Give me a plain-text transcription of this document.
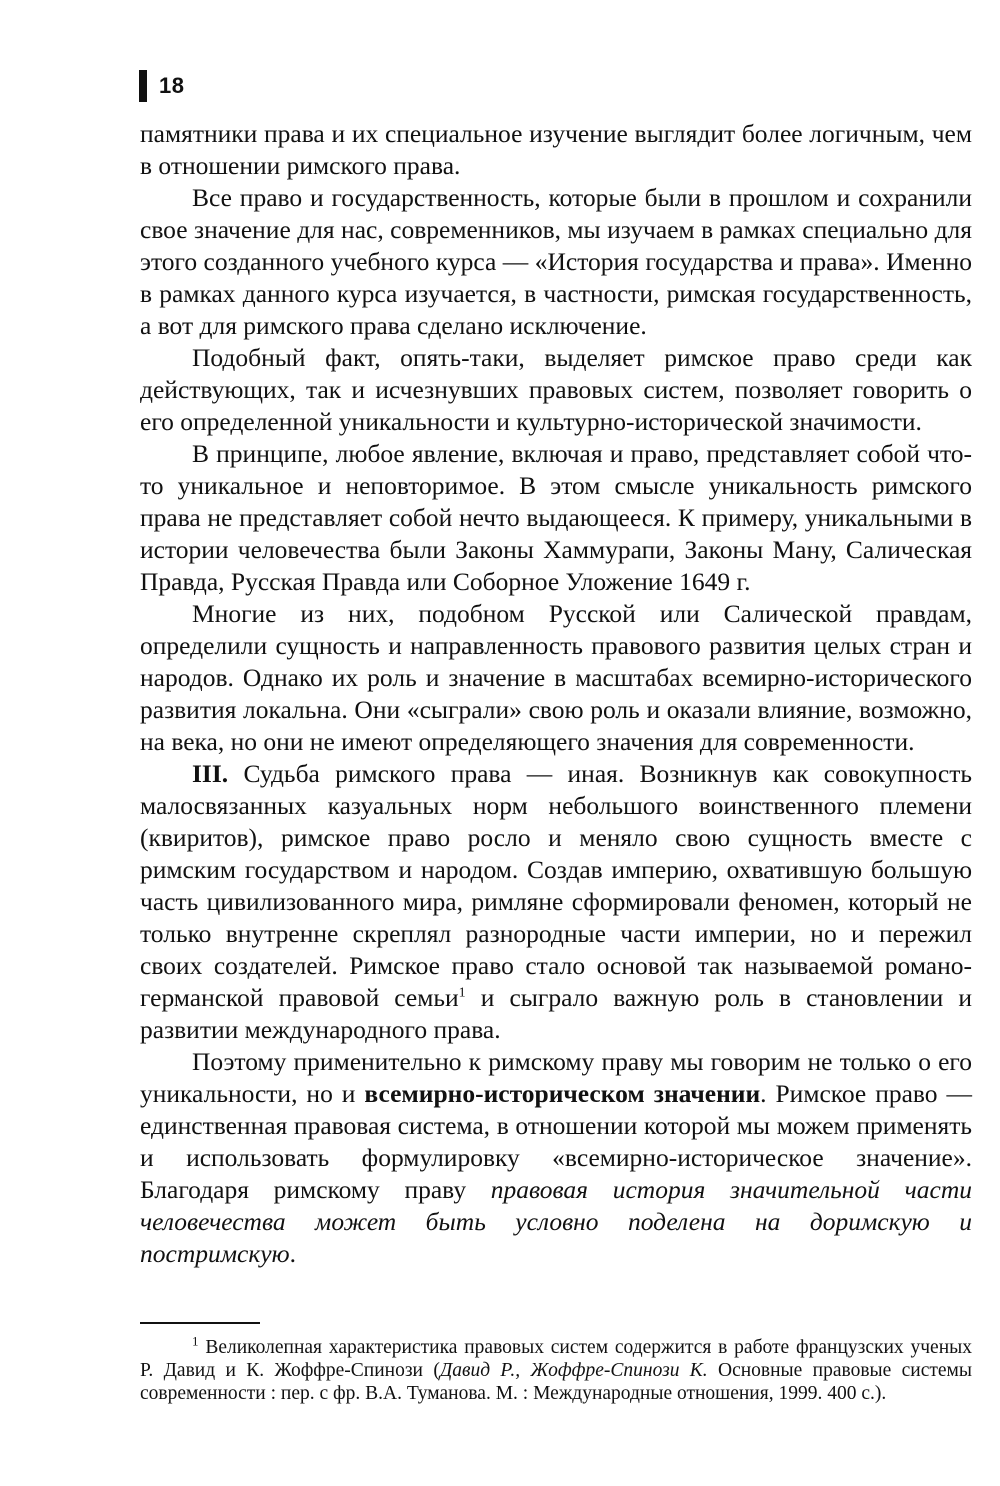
18

памятники права и их специальное изучение выглядит более логичным, чем в отношении римского права.

Все право и государственность, которые были в прошлом и сохранили свое значение для нас, современников, мы изучаем в рамках специально для этого созданного учебного курса — «История государства и права». Именно в рамках данного курса изучается, в частности, римская государственность, а вот для римского права сделано исключение.

Подобный факт, опять-таки, выделяет римское право среди как действующих, так и исчезнувших правовых систем, позволяет говорить о его определенной уникальности и культурно-исторической значимости.

В принципе, любое явление, включая и право, представляет собой что-то уникальное и неповторимое. В этом смысле уникальность римского права не представляет собой нечто выдающееся. К примеру, уникальными в истории человечества были Законы Хаммурапи, Законы Ману, Салическая Правда, Русская Правда или Соборное Уложение 1649 г.

Многие из них, подобном Русской или Салической правдам, определили сущность и направленность правового развития целых стран и народов. Однако их роль и значение в масштабах всемирно-исторического развития локальна. Они «сыграли» свою роль и оказали влияние, возможно, на века, но они не имеют определяющего значения для современности.

III. Судьба римского права — иная. Возникнув как совокупность малосвязанных казуальных норм небольшого воинственного племени (квиритов), римское право росло и меняло свою сущность вместе с римским государством и народом. Создав империю, охватившую большую часть цивилизованного мира, римляне сформировали феномен, который не только внутренне скреплял разнородные части империи, но и пережил своих создателей. Римское право стало основой так называемой романо-германской правовой семьи$^1$ и сыграло важную роль в становлении и развитии международного права.

Поэтому применительно к римскому праву мы говорим не только о его уникальности, но и всемирно-историческом значении. Римское право — единственная правовая система, в отношении которой мы можем применять и использовать формулировку «всемирно-историческое значение». Благодаря римскому праву правовая история значительной части человечества может быть условно поделена на доримскую и постримскую.

$^1$ Великолепная характеристика правовых систем содержится в работе французских ученых Р. Давид и К. Жоффре-Спинози (Давид Р., Жоффре-Спинози К. Основные правовые системы современности : пер. с фр. В.А. Туманова. М. : Международные отношения, 1999. 400 с.).
